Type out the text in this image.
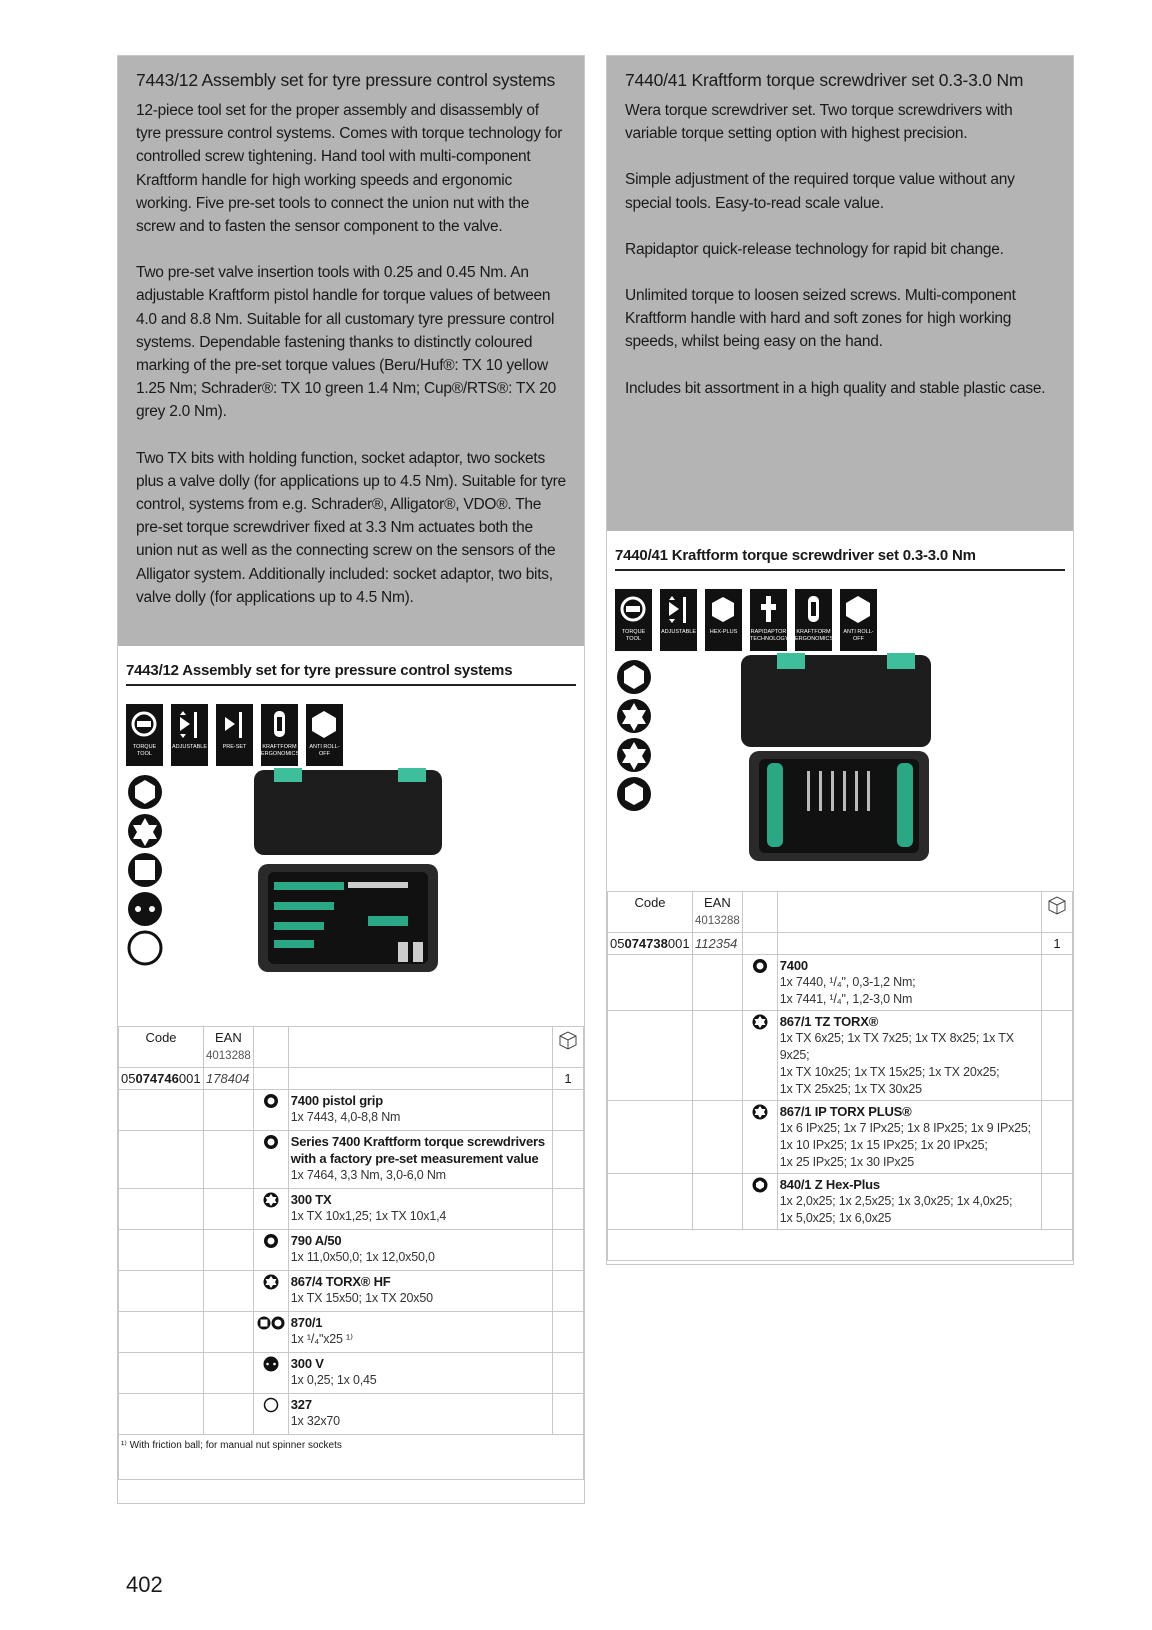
7443/12 Assembly set for tyre pressure control systems

12-piece tool set for the proper assembly and disassembly of tyre pressure control systems. Comes with torque technology for controlled screw tightening. Hand tool with multi-component Kraftform handle for high working speeds and ergonomic working. Five pre-set tools to connect the union nut with the screw and to fasten the sensor component to the valve.

Two pre-set valve insertion tools with 0.25 and 0.45 Nm. An adjustable Kraftform pistol handle for torque values of between 4.0 and 8.8 Nm. Suitable for all customary tyre pressure control systems. Dependable fastening thanks to distinctly coloured marking of the pre-set torque values (Beru/Huf®: TX 10 yellow 1.25 Nm; Schrader®: TX 10 green 1.4 Nm; Cup®/RTS®: TX 20 grey 2.0 Nm).

Two TX bits with holding function, socket adaptor, two sockets plus a valve dolly (for applications up to 4.5 Nm). Suitable for tyre control, systems from e.g. Schrader®, Alligator®, VDO®. The pre-set torque screwdriver fixed at 3.3 Nm actuates both the union nut as well as the connecting screw on the sensors of the Alligator system. Additionally included: socket adaptor, two bits, valve dolly (for applications up to 4.5 Nm).

7443/12 Assembly set for tyre pressure control systems
TORQUE TOOL
ADJUSTABLE	PRE-SET	KRAFTFORM ERGONOMICS
ANTI ROLL-OFF
Code	EAN
4013288			
05074746001	178404			1

7400 pistol grip
1x 7443, 4,0-8,8 Nm	

Series 7400 Kraftform torque screwdrivers with a factory pre-set measurement value
1x 7464, 3,3 Nm, 3,0-6,0 Nm	

300 TX
1x TX 10x1,25; 1x TX 10x1,4	

790 A/50
1x 11,0x50,0; 1x 12,0x50,0	

867/4 TORX® HF
1x TX 15x50; 1x TX 20x50	

870/1
1x ¹/₄"x25 ¹⁾	

300 V
1x 0,25; 1x 0,45	

327
1x 32x70	

¹⁾ With friction ball; for manual nut spinner sockets				
7440/41 Kraftform torque screwdriver set 0.3-3.0 Nm

Wera torque screwdriver set. Two torque screwdrivers with variable torque setting option with highest precision.

Simple adjustment of the required torque value without any special tools. Easy-to-read scale value.

Rapidaptor quick-release technology for rapid bit change.

Unlimited torque to loosen seized screws. Multi-component Kraftform handle with hard and soft zones for high working speeds, whilst being easy on the hand.

Includes bit assortment in a high quality and stable plastic case.

7440/41 Kraftform torque screwdriver set 0.3-3.0 Nm
TORQUE TOOL
ADJUSTABLE	HEX-PLUS	RAPIDAPTOR TECHNOLOGY
KRAFTFORM ERGONOMICS
ANTI ROLL-OFF
Code	EAN
4013288			
05074738001	112354			1

7400
1x 7440, ¹/₄", 0,3-1,2 Nm;
1x 7441, ¹/₄", 1,2-3,0 Nm	

867/1 TZ TORX®
1x TX 6x25; 1x TX 7x25; 1x TX 8x25; 1x TX 9x25;
1x TX 10x25; 1x TX 15x25; 1x TX 20x25;
1x TX 25x25; 1x TX 30x25	

867/1 IP TORX PLUS®
1x 6 IPx25; 1x 7 IPx25; 1x 8 IPx25; 1x 9 IPx25;
1x 10 IPx25; 1x 15 IPx25; 1x 20 IPx25;
1x 25 IPx25; 1x 30 IPx25	

840/1 Z Hex-Plus
1x 2,0x25; 1x 2,5x25; 1x 3,0x25; 1x 4,0x25;
1x 5,0x25; 1x 6,0x25	

402
